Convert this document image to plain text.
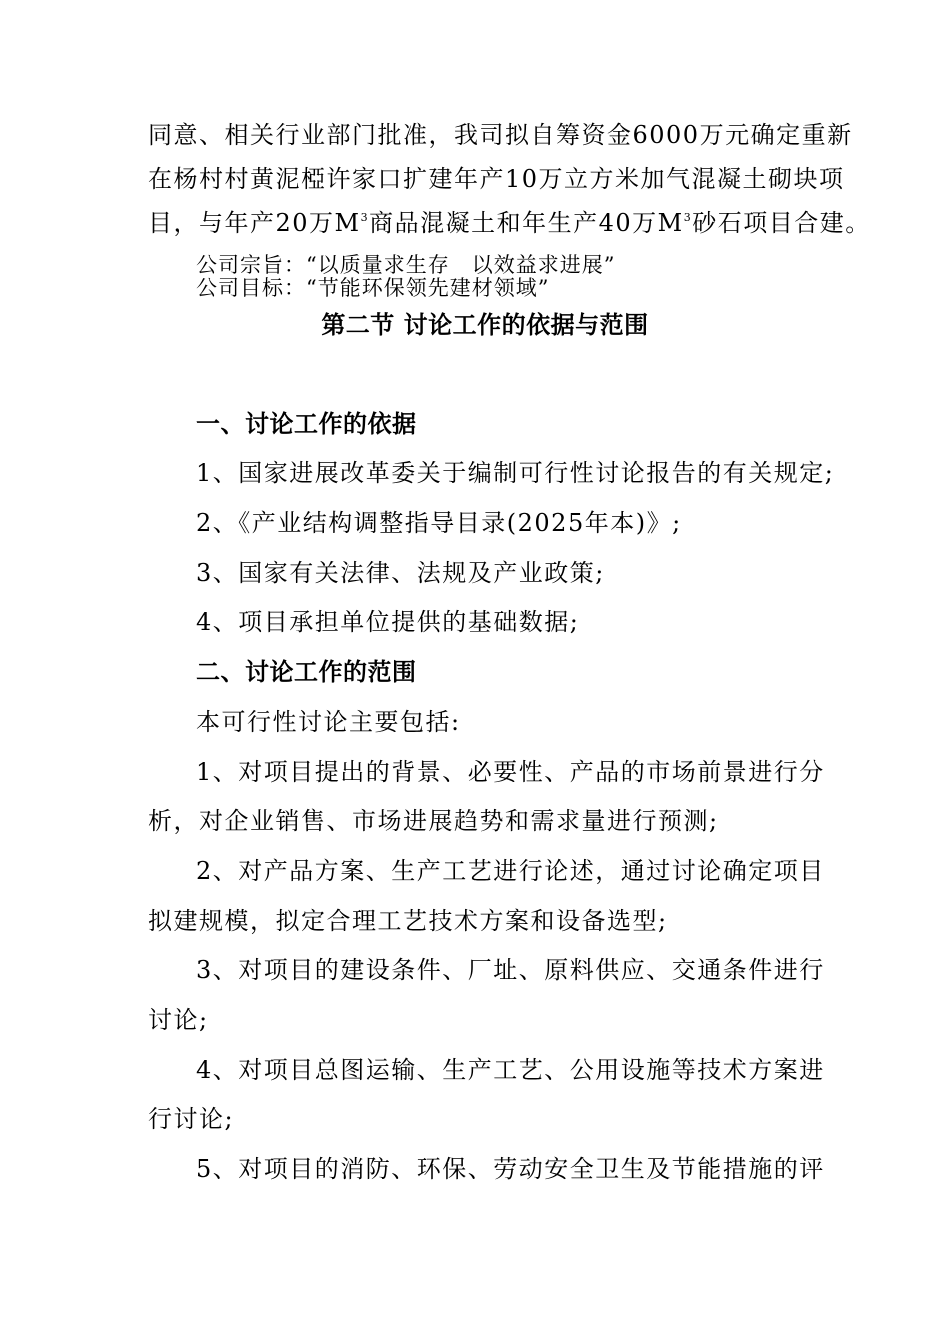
同意、相关行业部门批准，我司拟自筹资金6000万元确定重新
在杨村村黄泥椏许家口扩建年产10万立方米加气混凝土砌块项
目，与年产20万$M^3$商品混凝土和年生产40万$M^3$砂石项目合建。
公司宗旨：“以质量求生存　以效益求进展”
公司目标：“节能环保领先建材领域”
第二节 讨论工作的依据与范围
一、讨论工作的依据
1、国家进展改革委关于编制可行性讨论报告的有关规定;
2、《产业结构调整指导目录(2025年本)》;
3、国家有关法律、法规及产业政策;
4、项目承担单位提供的基础数据;
二、讨论工作的范围
本可行性讨论主要包括:
1、对项目提出的背景、必要性、产品的市场前景进行分
析，对企业销售、市场进展趋势和需求量进行预测;
2、对产品方案、生产工艺进行论述，通过讨论确定项目
拟建规模，拟定合理工艺技术方案和设备选型;
3、对项目的建设条件、厂址、原料供应、交通条件进行
讨论;
4、对项目总图运输、生产工艺、公用设施等技术方案进
行讨论;
5、对项目的消防、环保、劳动安全卫生及节能措施的评
